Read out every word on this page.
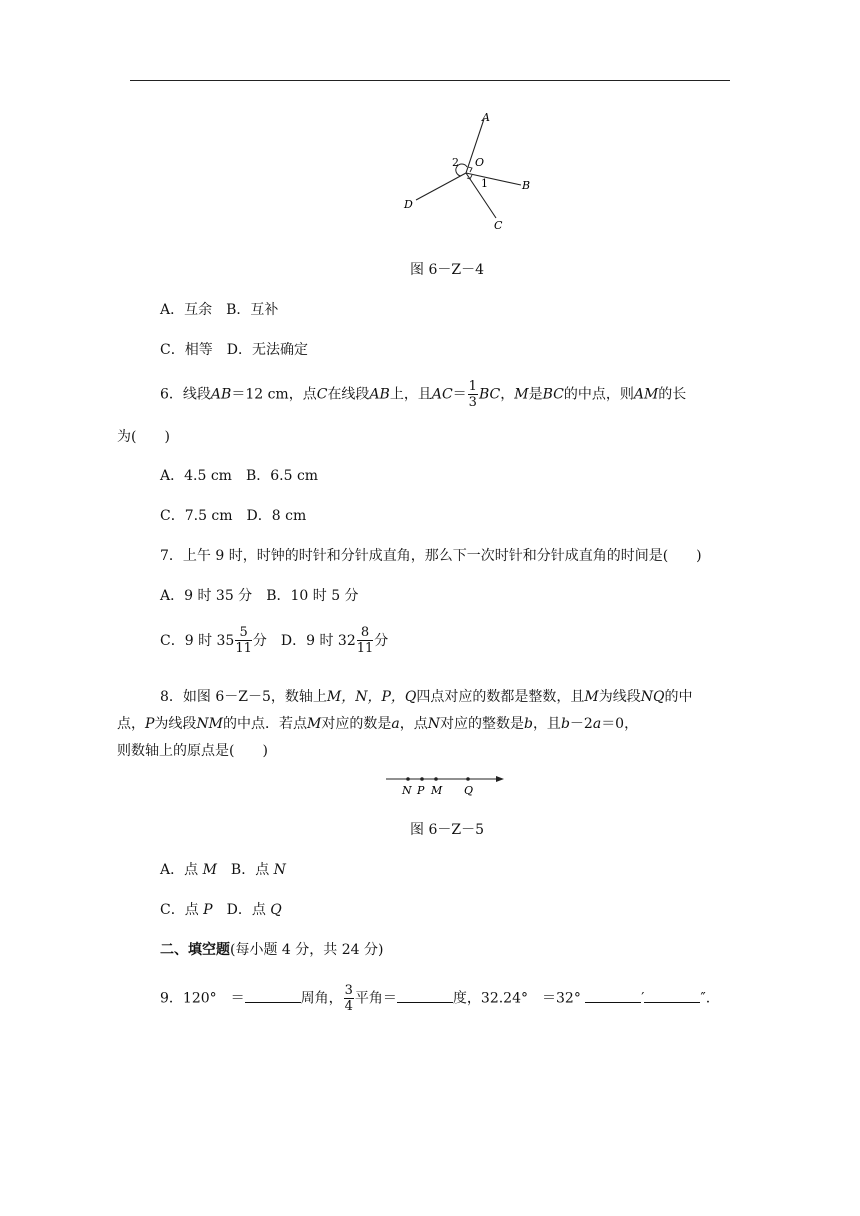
A
O
2
1	B
C
D
图 6－Z－4
A．互余　 B．互补
C．相等　 D．无法确定
6．线段AB＝12 cm，点C在线段AB上，且$AC= \frac{1}{3}$ BC，M是BC的中点，则AM的长
为(　　)
A．4.5 cm　 B．6.5 cm
C．7.5 cm　 D．8 cm
7．上午 9 时，时钟的时针和分针成直角，那么下一次时针和分针成直角的时间是(　　)
A．9 时 35 分　 B．10 时 5 分
C．9 时 $35 \frac{5}{11}$ 分　 D．9 时 $32 \frac{8}{11}$ 分
8．如图 6－Z－5，数轴上M，N，P，Q四点对应的数都是整数，且M为线段NQ的中
点，P为线段NM的中点．若点M对应的数是a，点N对应的整数是b，且b－2a＝0，
则数轴上的原点是(　　)
N P M Q
图 6－Z－5
A．点 M　 B．点 N
C．点 P　 D．点 Q
二、填空题(每小题 4 分，共 24 分)
9．120°　＝	周角， $\frac{3}{4}$ 平角＝	度，32.24°　＝32°	′	″.
